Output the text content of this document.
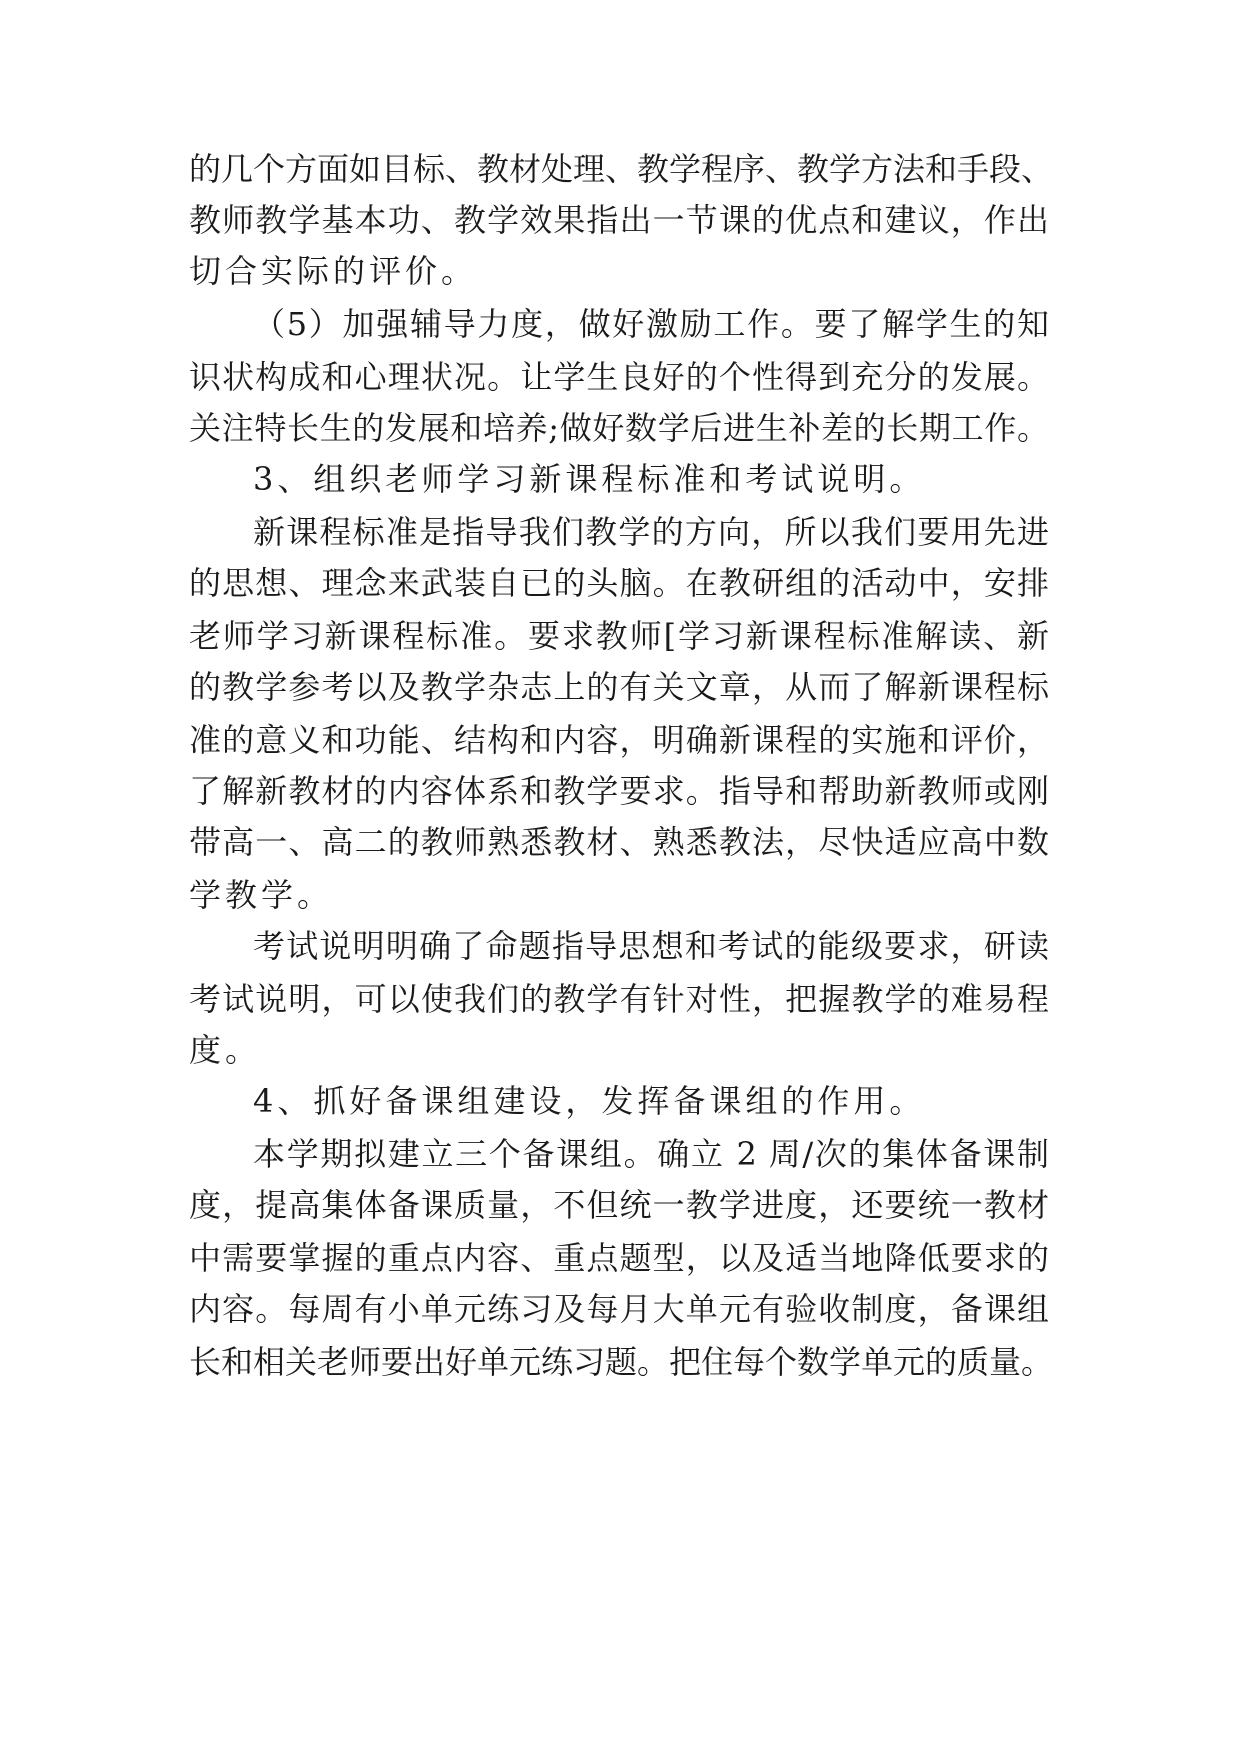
的几个方面如目标、教材处理、教学程序、教学方法和手段、
教师教学基本功、教学效果指出一节课的优点和建议，作出
切合实际的评价。
（5）加强辅导力度，做好激励工作。要了解学生的知
识状构成和心理状况。让学生良好的个性得到充分的发展。
关注特长生的发展和培养;做好数学后进生补差的长期工作。
3、组织老师学习新课程标准和考试说明。
新课程标准是指导我们教学的方向，所以我们要用先进
的思想、理念来武装自已的头脑。在教研组的活动中，安排
老师学习新课程标准。要求教师[学习新课程标准解读、新
的教学参考以及教学杂志上的有关文章，从而了解新课程标
准的意义和功能、结构和内容，明确新课程的实施和评价，
了解新教材的内容体系和教学要求。指导和帮助新教师或刚
带高一、高二的教师熟悉教材、熟悉教法，尽快适应高中数
学教学。
考试说明明确了命题指导思想和考试的能级要求，研读
考试说明，可以使我们的教学有针对性，把握教学的难易程
度。
4、抓好备课组建设，发挥备课组的作用。
本学期拟建立三个备课组。确立 2 周/次的集体备课制
度，提高集体备课质量，不但统一教学进度，还要统一教材
中需要掌握的重点内容、重点题型，以及适当地降低要求的
内容。每周有小单元练习及每月大单元有验收制度，备课组
长和相关老师要出好单元练习题。把住每个数学单元的质量。
